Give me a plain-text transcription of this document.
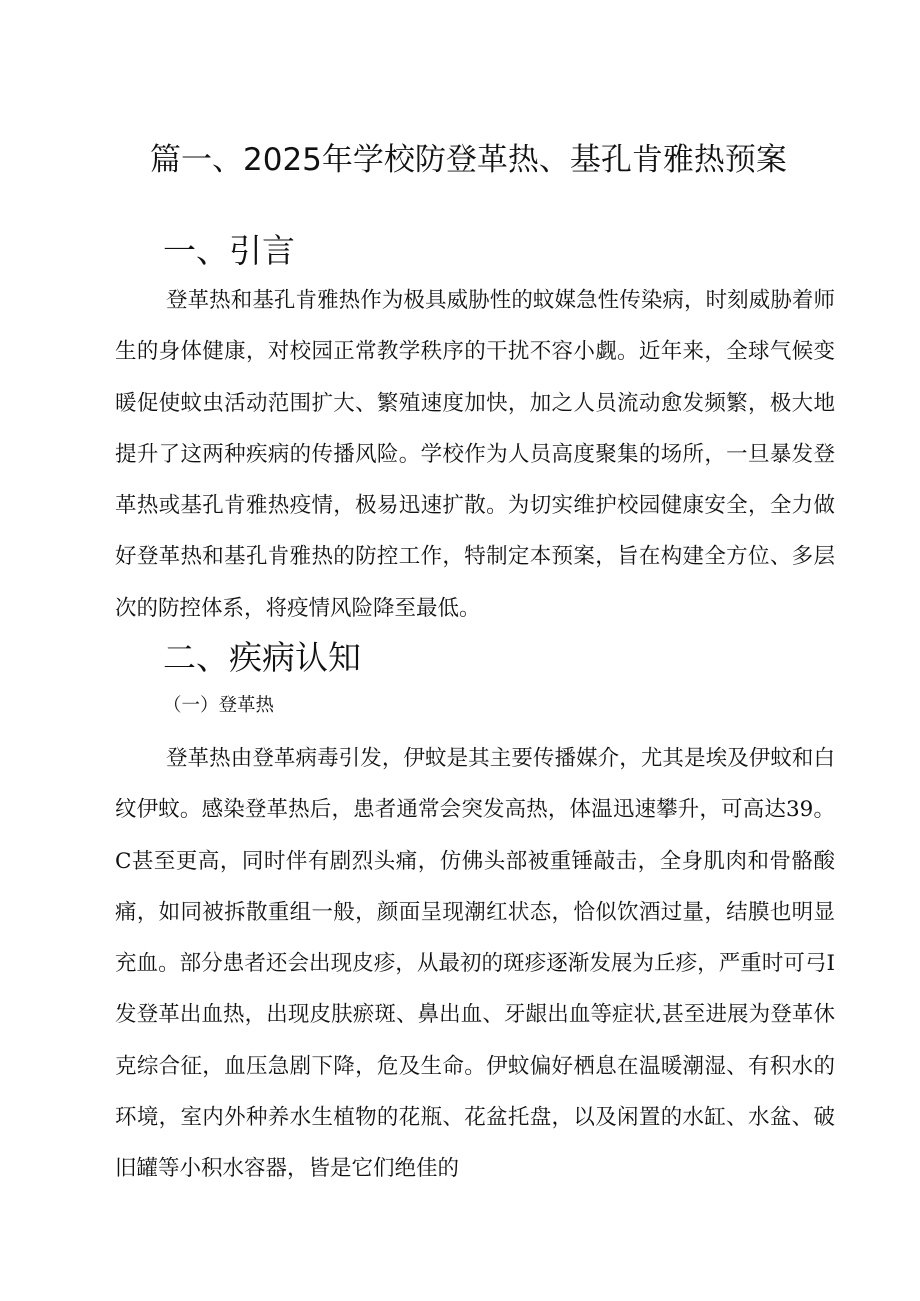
篇一、2025年学校防登革热、基孔肯雅热预案
一、引言

登革热和基孔肯雅热作为极具威胁性的蚊媒急性传染病，时刻威胁着师生的身体健康，对校园正常教学秩序的干扰不容小觑。近年来，全球气候变暖促使蚊虫活动范围扩大、繁殖速度加快，加之人员流动愈发频繁，极大地提升了这两种疾病的传播风险。学校作为人员高度聚集的场所，一旦暴发登革热或基孔肯雅热疫情，极易迅速扩散。为切实维护校园健康安全，全力做好登革热和基孔肯雅热的防控工作，特制定本预案，旨在构建全方位、多层次的防控体系，将疫情风险降至最低。

二、疾病认知

（一）登革热

登革热由登革病毒引发，伊蚊是其主要传播媒介，尤其是埃及伊蚊和白纹伊蚊。感染登革热后，患者通常会突发高热，体温迅速攀升，可高达39。C甚至更高，同时伴有剧烈头痛，仿佛头部被重锤敲击，全身肌肉和骨骼酸痛，如同被拆散重组一般，颜面呈现潮红状态，恰似饮酒过量，结膜也明显充血。部分患者还会出现皮疹，从最初的斑疹逐渐发展为丘疹，严重时可弓I发登革出血热，出现皮肤瘀斑、鼻出血、牙龈出血等症状,甚至进展为登革休克综合征，血压急剧下降，危及生命。伊蚊偏好栖息在温暖潮湿、有积水的环境，室内外种养水生植物的花瓶、花盆托盘，以及闲置的水缸、水盆、破旧罐等小积水容器，皆是它们绝佳的
